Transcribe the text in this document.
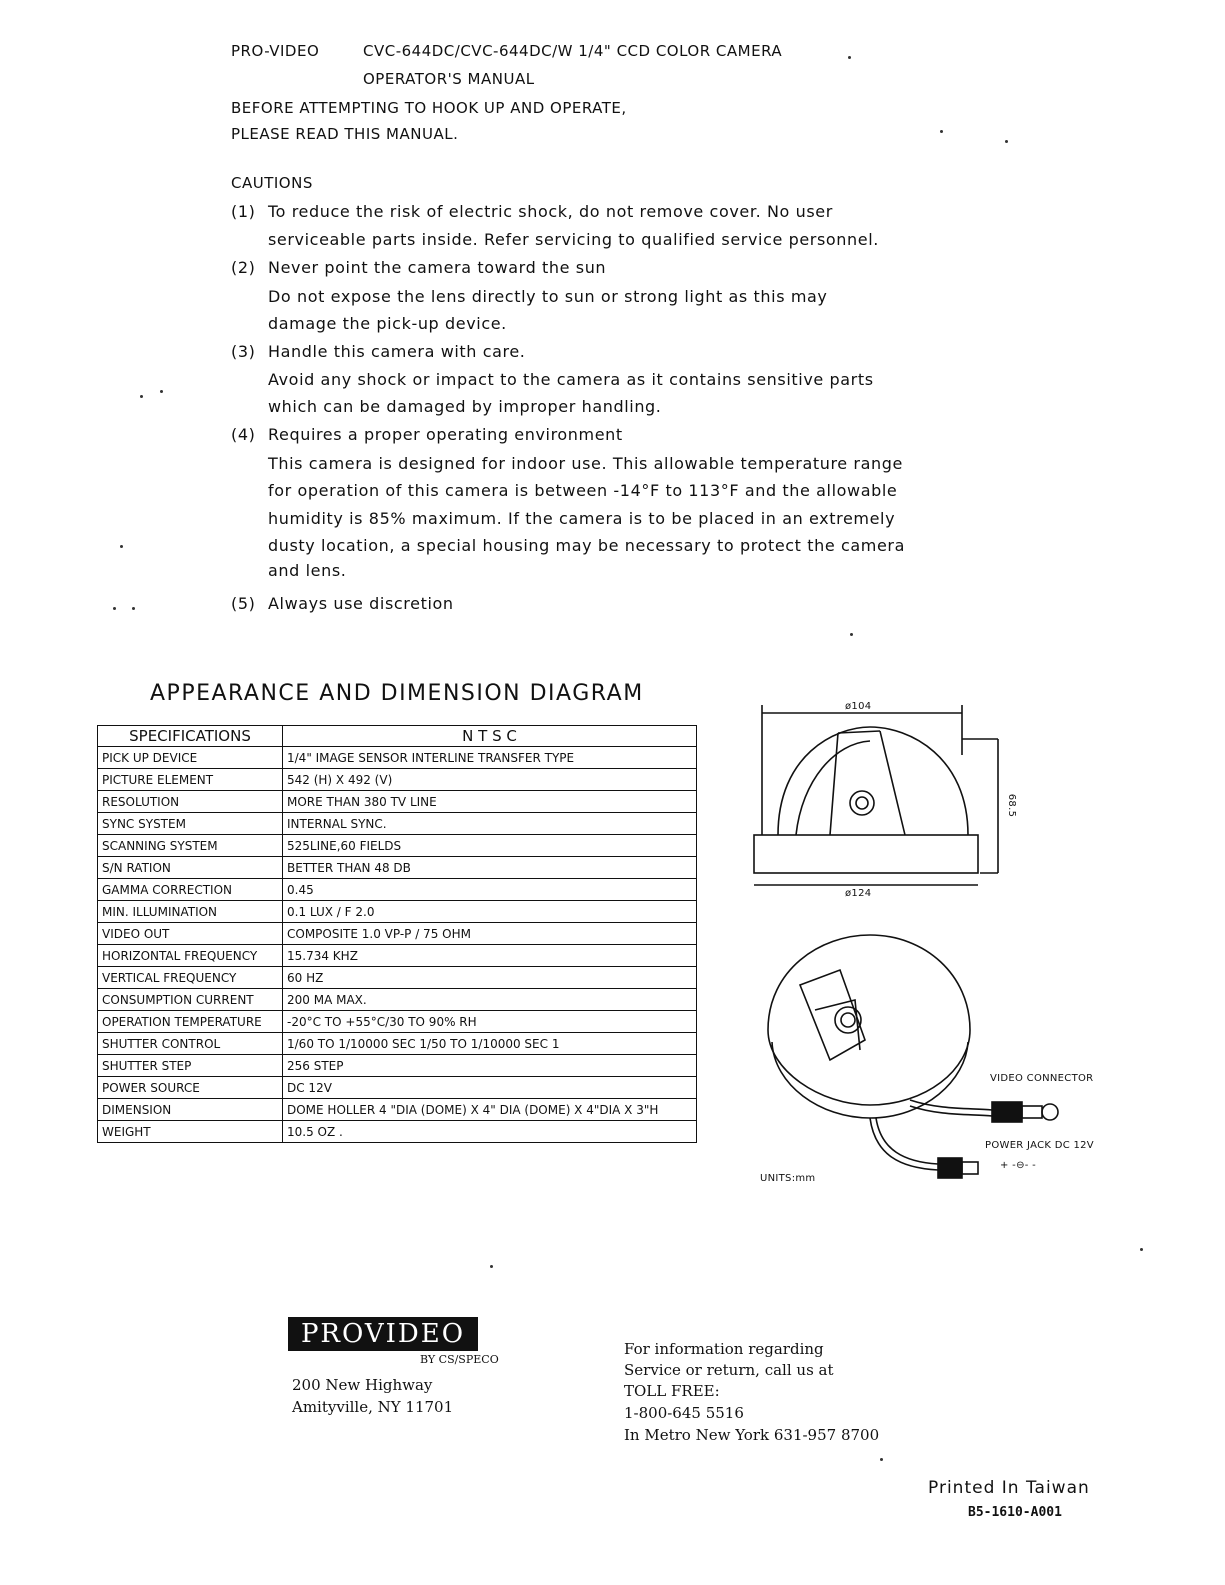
PRO-VIDEO	CVC-644DC/CVC-644DC/W 1/4" CCD COLOR CAMERA
OPERATOR'S MANUAL
BEFORE ATTEMPTING TO HOOK UP AND OPERATE,
PLEASE READ THIS MANUAL.
CAUTIONS
(1) To reduce the risk of electric shock, do not remove cover. No user
serviceable parts inside. Refer servicing to qualified service personnel.
(2) Never point the camera toward the sun
Do not expose the lens directly to sun or strong light as this may
damage the pick-up device.
(3) Handle this camera with care.
Avoid any shock or impact to the camera as it contains sensitive parts
which can be damaged by improper handling.
(4) Requires a proper operating environment
This camera is designed for indoor use. This allowable temperature range
for operation of this camera is between -14°F to 113°F and the allowable
humidity is 85% maximum. If the camera is to be placed in an extremely
dusty location, a special housing may be necessary to protect the camera
and lens.
(5) Always use discretion
APPEARANCE AND DIMENSION DIAGRAM
SPECIFICATIONS	N T S C
PICK UP DEVICE	1/4" IMAGE SENSOR INTERLINE TRANSFER TYPE
PICTURE ELEMENT	542 (H) X 492 (V)
RESOLUTION	MORE THAN 380 TV LINE
SYNC SYSTEM	INTERNAL SYNC.
SCANNING SYSTEM	525LINE,60 FIELDS
S/N RATION	BETTER THAN 48 DB
GAMMA CORRECTION	0.45
MIN. ILLUMINATION	0.1 LUX / F 2.0
VIDEO OUT	COMPOSITE 1.0 VP-P / 75 OHM
HORIZONTAL FREQUENCY	15.734 KHZ
VERTICAL FREQUENCY	60 HZ
CONSUMPTION CURRENT	200 MA MAX.
OPERATION TEMPERATURE	-20°C TO +55°C/30 TO 90% RH
SHUTTER CONTROL	1/60 TO 1/10000 SEC 1/50 TO 1/10000 SEC 1
SHUTTER STEP	256 STEP
POWER SOURCE	DC 12V
DIMENSION	DOME HOLLER 4 "DIA (DOME) X 4" DIA (DOME) X 4"DIA X 3"H
WEIGHT	10.5 OZ .
ø104
ø124
68.5
VIDEO CONNECTOR
POWER JACK DC 12V
+ -⊖- -
UNITS:mm
PROVIDEO
BY CS/SPECO
200 New Highway
Amityville, NY 11701
For information regarding
Service or return, call us at
TOLL FREE:
1-800-645 5516
In Metro New York 631-957 8700
Printed In Taiwan
B5-1610-A001
